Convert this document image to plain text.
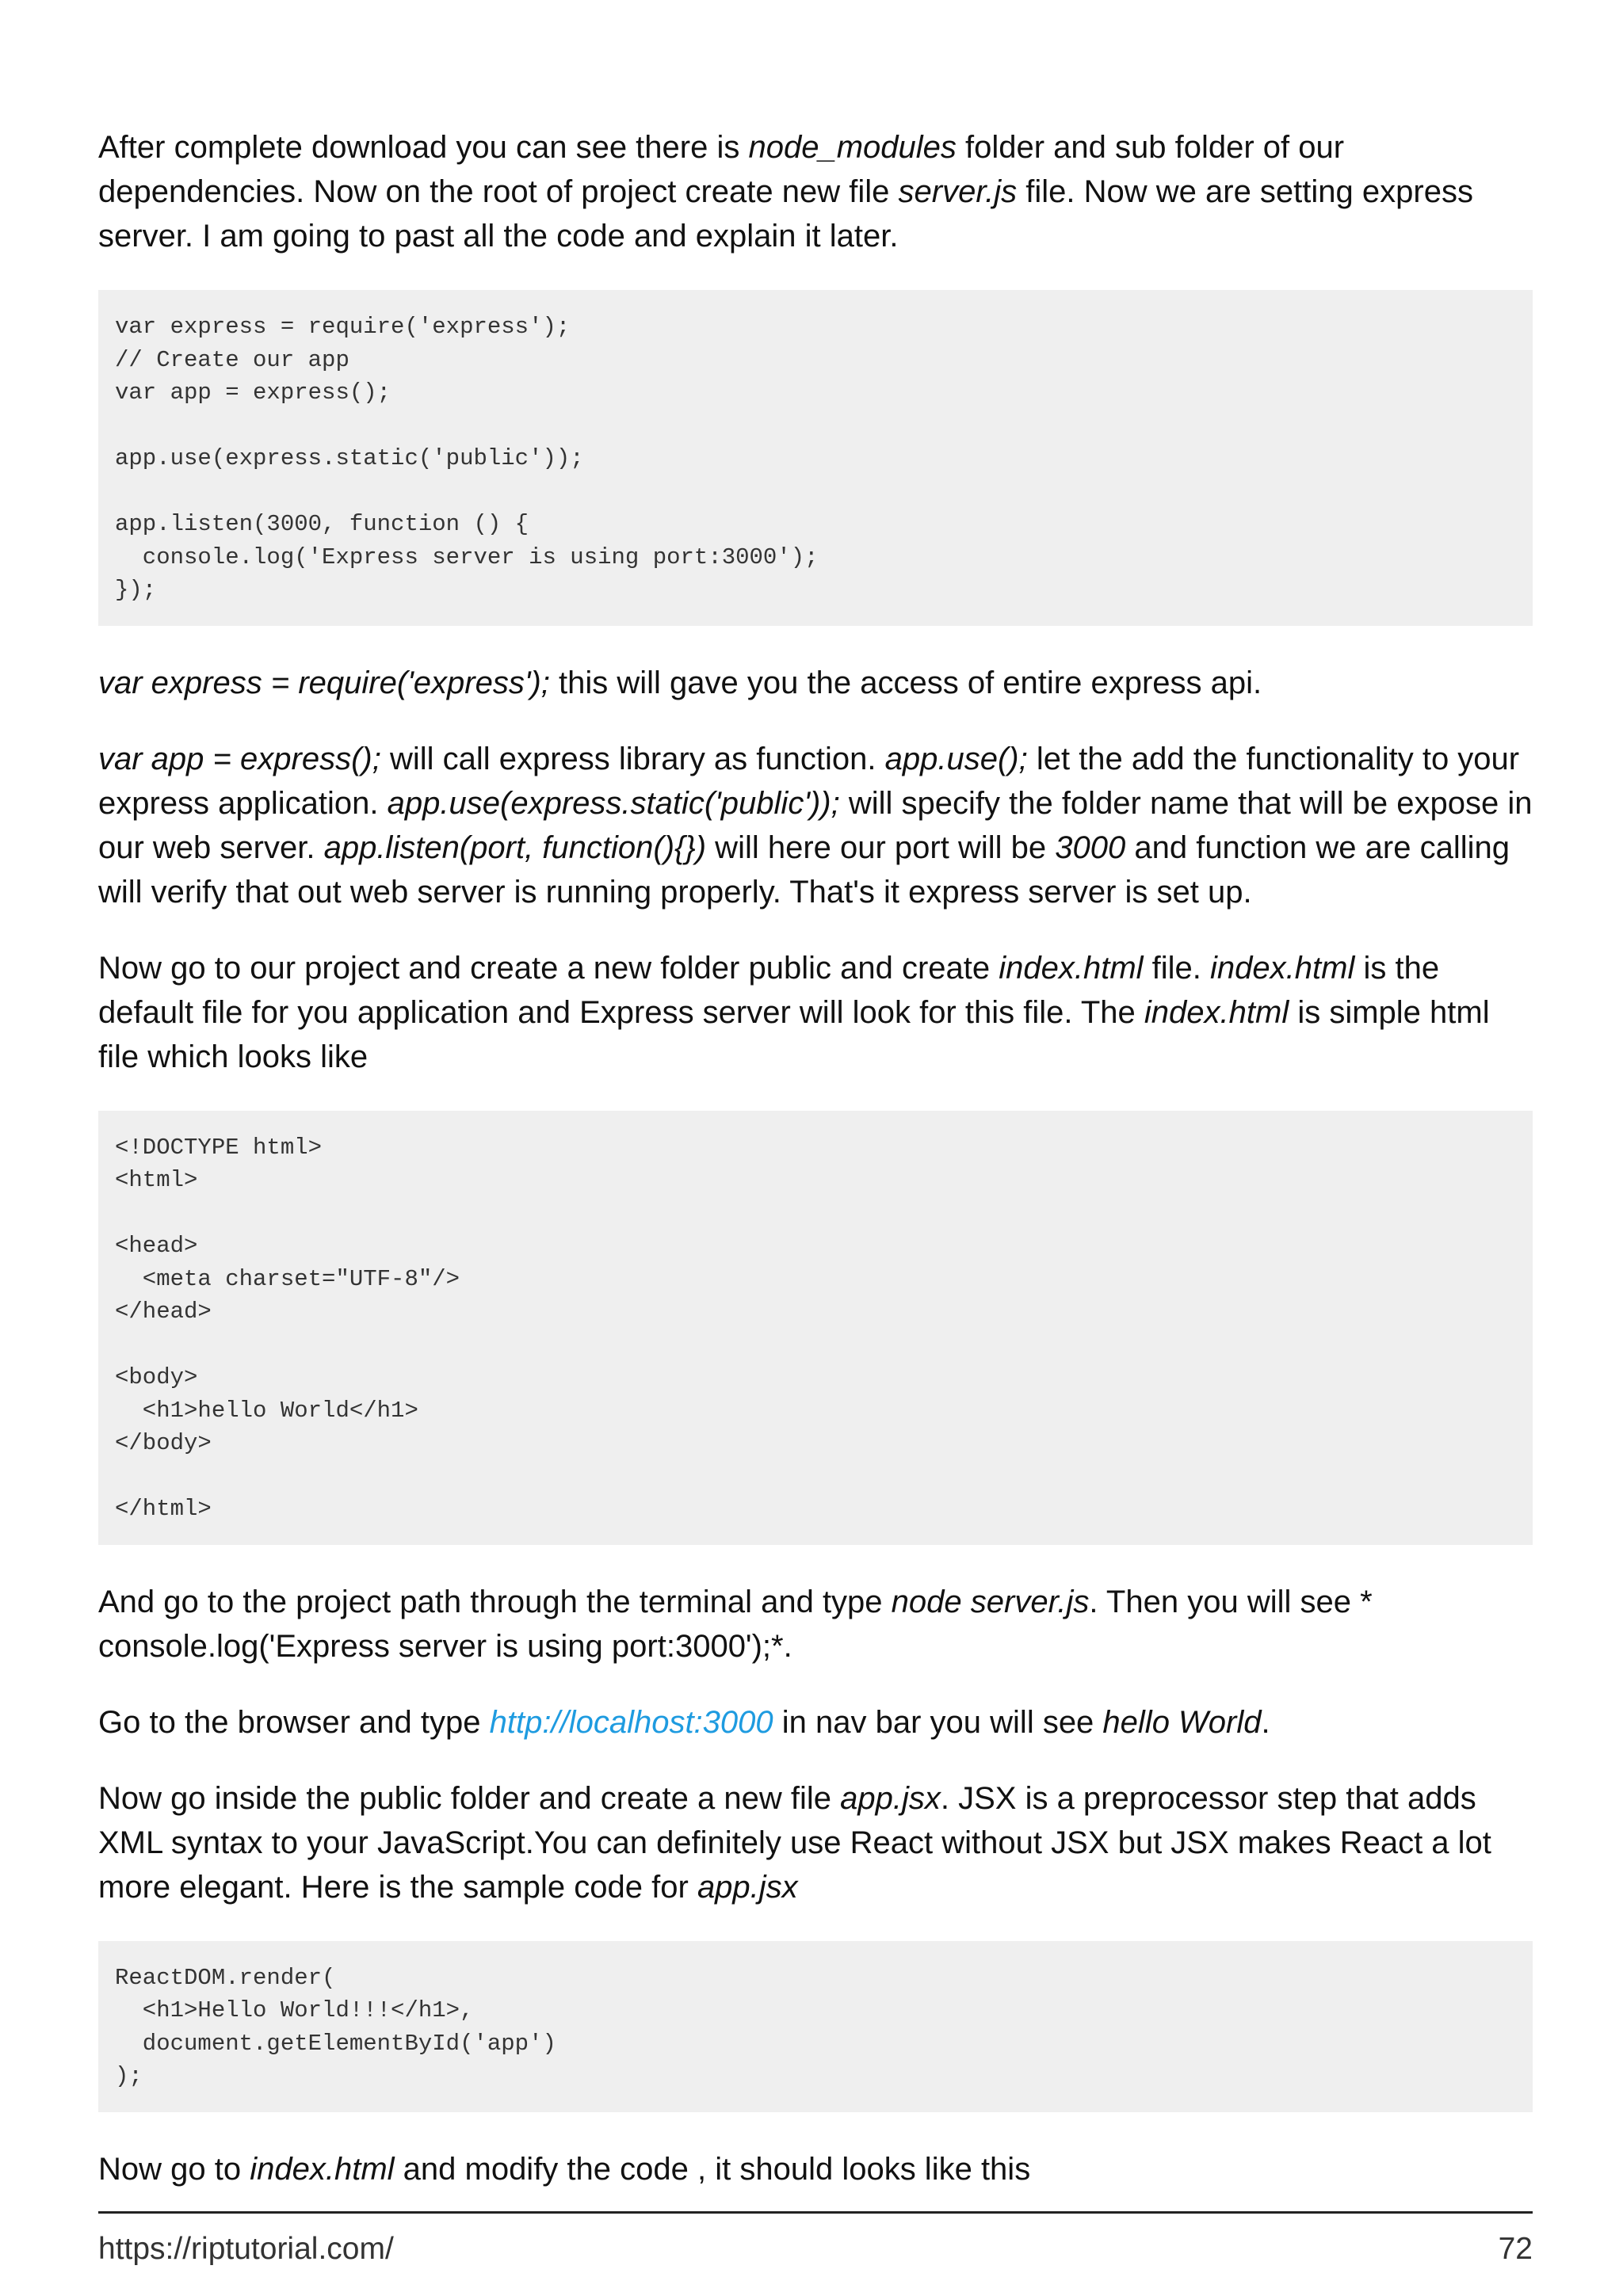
After complete download you can see there is node_modules folder and sub folder of our dependencies. Now on the root of project create new file server.js file. Now we are setting express server. I am going to past all the code and explain it later.

var express = require('express');
// Create our app
var app = express();
app.use(express.static('public'));
app.listen(3000, function () {
console.log('Express server is using port:3000');
});

var express = require('express'); this will gave you the access of entire express api.

var app = express(); will call express library as function. app.use(); let the add the functionality to your express application. app.use(express.static('public')); will specify the folder name that will be expose in our web server. app.listen(port, function(){}) will here our port will be 3000 and function we are calling will verify that out web server is running properly. That's it express server is set up.

Now go to our project and create a new folder public and create index.html file. index.html is the default file for you application and Express server will look for this file. The index.html is simple html file which looks like

<!DOCTYPE html>
<html>
<head>
<meta charset="UTF-8"/>
</head>
<body>
<h1>hello World</h1>
</body>
</html>

And go to the project path through the terminal and type node server.js. Then you will see * console.log('Express server is using port:3000');*.

Go to the browser and type http://localhost:3000 in nav bar you will see hello World.

Now go inside the public folder and create a new file app.jsx. JSX is a preprocessor step that adds XML syntax to your JavaScript.You can definitely use React without JSX but JSX makes React a lot more elegant. Here is the sample code for app.jsx

ReactDOM.render(
<h1>Hello World!!!</h1>,
document.getElementById('app')
);

Now go to index.html and modify the code , it should looks like this

https://riptutorial.com/	72
